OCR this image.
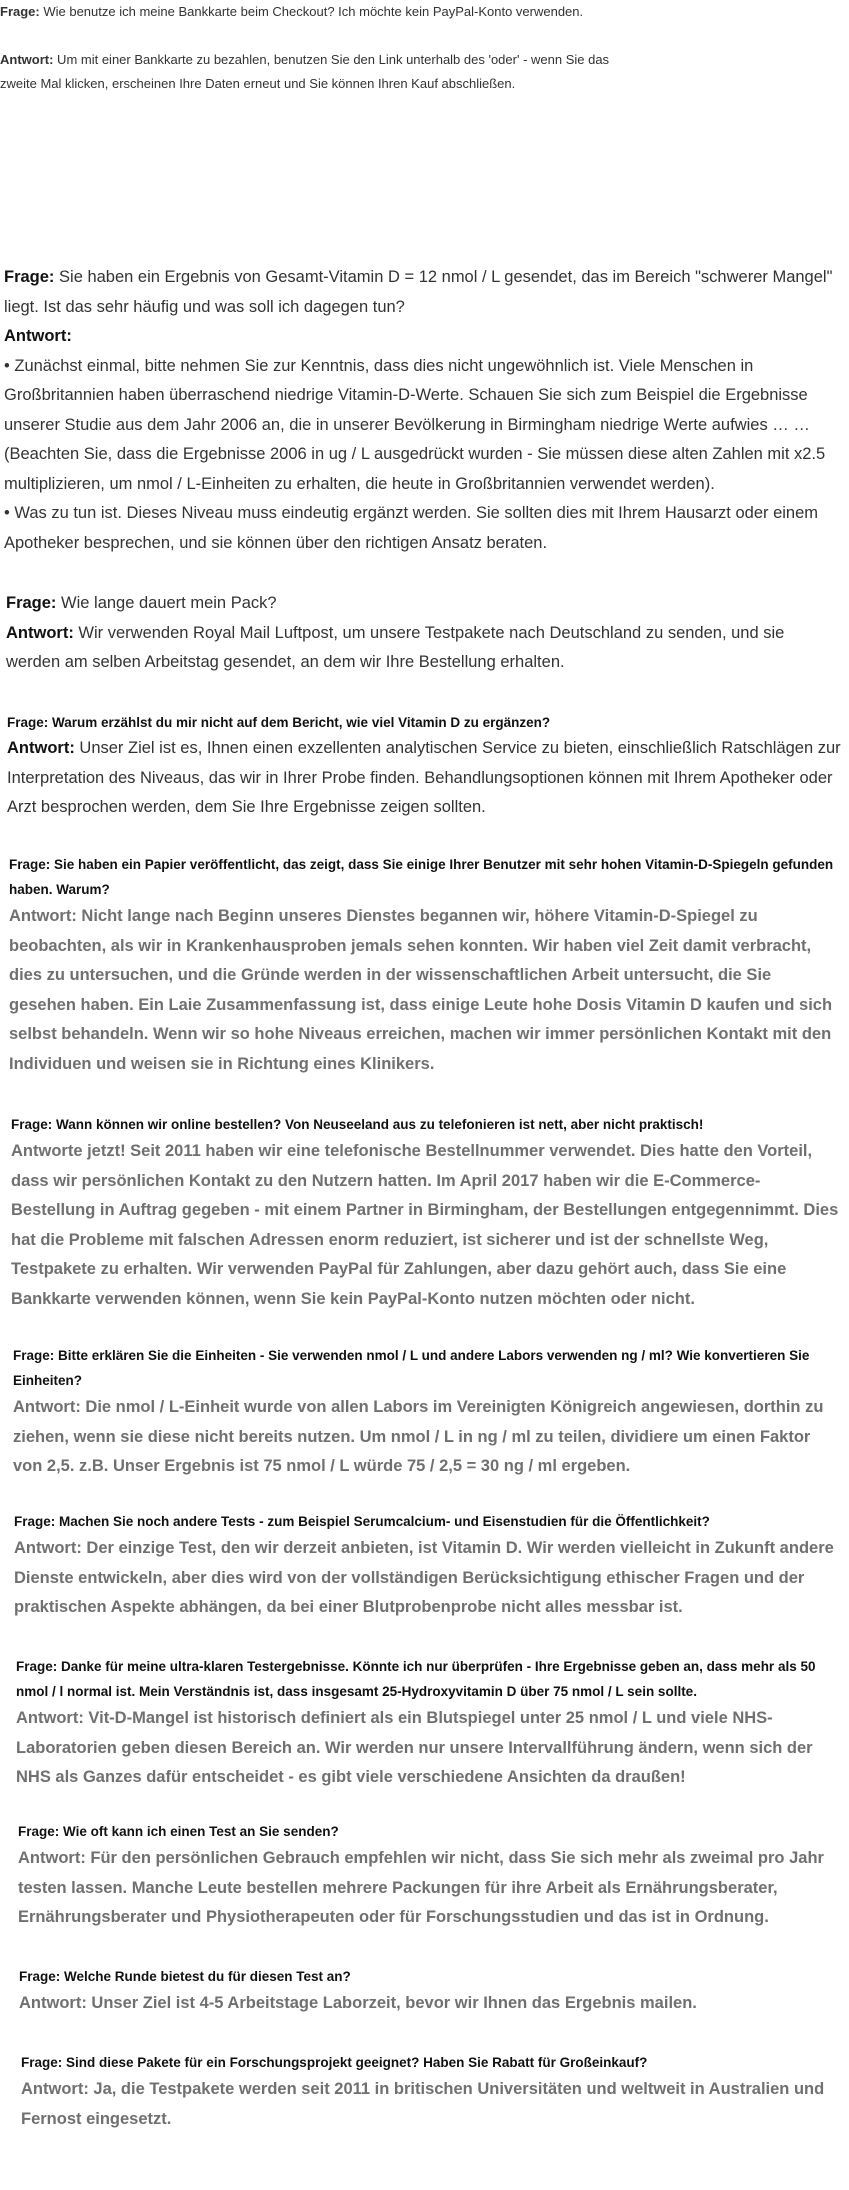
Frage: Wie benutze ich meine Bankkarte beim Checkout? Ich möchte kein PayPal-Konto verwenden.

Antwort: Um mit einer Bankkarte zu bezahlen, benutzen Sie den Link unterhalb des 'oder' - wenn Sie das zweite Mal klicken, erscheinen Ihre Daten erneut und Sie können Ihren Kauf abschließen.

Frage: Sie haben ein Ergebnis von Gesamt-Vitamin D = 12 nmol / L gesendet, das im Bereich "schwerer Mangel" liegt. Ist das sehr häufig und was soll ich dagegen tun?

Antwort:

• Zunächst einmal, bitte nehmen Sie zur Kenntnis, dass dies nicht ungewöhnlich ist. Viele Menschen in Großbritannien haben überraschend niedrige Vitamin-D-Werte. Schauen Sie sich zum Beispiel die Ergebnisse unserer Studie aus dem Jahr 2006 an, die in unserer Bevölkerung in Birmingham niedrige Werte aufwies … …

(Beachten Sie, dass die Ergebnisse 2006 in ug / L ausgedrückt wurden - Sie müssen diese alten Zahlen mit x2.5 multiplizieren, um nmol / L-Einheiten zu erhalten, die heute in Großbritannien verwendet werden).

• Was zu tun ist. Dieses Niveau muss eindeutig ergänzt werden. Sie sollten dies mit Ihrem Hausarzt oder einem Apotheker besprechen, und sie können über den richtigen Ansatz beraten.

Frage: Wie lange dauert mein Pack?

Antwort: Wir verwenden Royal Mail Luftpost, um unsere Testpakete nach Deutschland zu senden, und sie werden am selben Arbeitstag gesendet, an dem wir Ihre Bestellung erhalten.

Frage: Warum erzählst du mir nicht auf dem Bericht, wie viel Vitamin D zu ergänzen?

Antwort: Unser Ziel ist es, Ihnen einen exzellenten analytischen Service zu bieten, einschließlich Ratschlägen zur Interpretation des Niveaus, das wir in Ihrer Probe finden. Behandlungsoptionen können mit Ihrem Apotheker oder Arzt besprochen werden, dem Sie Ihre Ergebnisse zeigen sollten.

Frage: Sie haben ein Papier veröffentlicht, das zeigt, dass Sie einige Ihrer Benutzer mit sehr hohen Vitamin-D-Spiegeln gefunden haben. Warum?

Antwort: Nicht lange nach Beginn unseres Dienstes begannen wir, höhere Vitamin-D-Spiegel zu beobachten, als wir in Krankenhausproben jemals sehen konnten. Wir haben viel Zeit damit verbracht, dies zu untersuchen, und die Gründe werden in der wissenschaftlichen Arbeit untersucht, die Sie gesehen haben. Ein Laie Zusammenfassung ist, dass einige Leute hohe Dosis Vitamin D kaufen und sich selbst behandeln. Wenn wir so hohe Niveaus erreichen, machen wir immer persönlichen Kontakt mit den Individuen und weisen sie in Richtung eines Klinikers.

Frage: Wann können wir online bestellen? Von Neuseeland aus zu telefonieren ist nett, aber nicht praktisch!

Antworte jetzt! Seit 2011 haben wir eine telefonische Bestellnummer verwendet. Dies hatte den Vorteil, dass wir persönlichen Kontakt zu den Nutzern hatten. Im April 2017 haben wir die E-Commerce-Bestellung in Auftrag gegeben - mit einem Partner in Birmingham, der Bestellungen entgegennimmt. Dies hat die Probleme mit falschen Adressen enorm reduziert, ist sicherer und ist der schnellste Weg, Testpakete zu erhalten. Wir verwenden PayPal für Zahlungen, aber dazu gehört auch, dass Sie eine Bankkarte verwenden können, wenn Sie kein PayPal-Konto nutzen möchten oder nicht.

Frage: Bitte erklären Sie die Einheiten - Sie verwenden nmol / L und andere Labors verwenden ng / ml? Wie konvertieren Sie Einheiten?

Antwort: Die nmol / L-Einheit wurde von allen Labors im Vereinigten Königreich angewiesen, dorthin zu ziehen, wenn sie diese nicht bereits nutzen. Um nmol / L in ng / ml zu teilen, dividiere um einen Faktor von 2,5. z.B. Unser Ergebnis ist 75 nmol / L würde 75 / 2,5 = 30 ng / ml ergeben.

Frage: Machen Sie noch andere Tests - zum Beispiel Serumcalcium- und Eisenstudien für die Öffentlichkeit?

Antwort: Der einzige Test, den wir derzeit anbieten, ist Vitamin D. Wir werden vielleicht in Zukunft andere Dienste entwickeln, aber dies wird von der vollständigen Berücksichtigung ethischer Fragen und der praktischen Aspekte abhängen, da bei einer Blutprobenprobe nicht alles messbar ist.

Frage: Danke für meine ultra-klaren Testergebnisse. Könnte ich nur überprüfen - Ihre Ergebnisse geben an, dass mehr als 50 nmol / l normal ist. Mein Verständnis ist, dass insgesamt 25-Hydroxyvitamin D über 75 nmol / L sein sollte.

Antwort: Vit-D-Mangel ist historisch definiert als ein Blutspiegel unter 25 nmol / L und viele NHS-Laboratorien geben diesen Bereich an. Wir werden nur unsere Intervallführung ändern, wenn sich der NHS als Ganzes dafür entscheidet - es gibt viele verschiedene Ansichten da draußen!

Frage: Wie oft kann ich einen Test an Sie senden?

Antwort: Für den persönlichen Gebrauch empfehlen wir nicht, dass Sie sich mehr als zweimal pro Jahr testen lassen. Manche Leute bestellen mehrere Packungen für ihre Arbeit als Ernährungsberater, Ernährungsberater und Physiotherapeuten oder für Forschungsstudien und das ist in Ordnung.

Frage: Welche Runde bietest du für diesen Test an?

Antwort: Unser Ziel ist 4-5 Arbeitstage Laborzeit, bevor wir Ihnen das Ergebnis mailen.

Frage: Sind diese Pakete für ein Forschungsprojekt geeignet? Haben Sie Rabatt für Großeinkauf?

Antwort: Ja, die Testpakete werden seit 2011 in britischen Universitäten und weltweit in Australien und Fernost eingesetzt.
